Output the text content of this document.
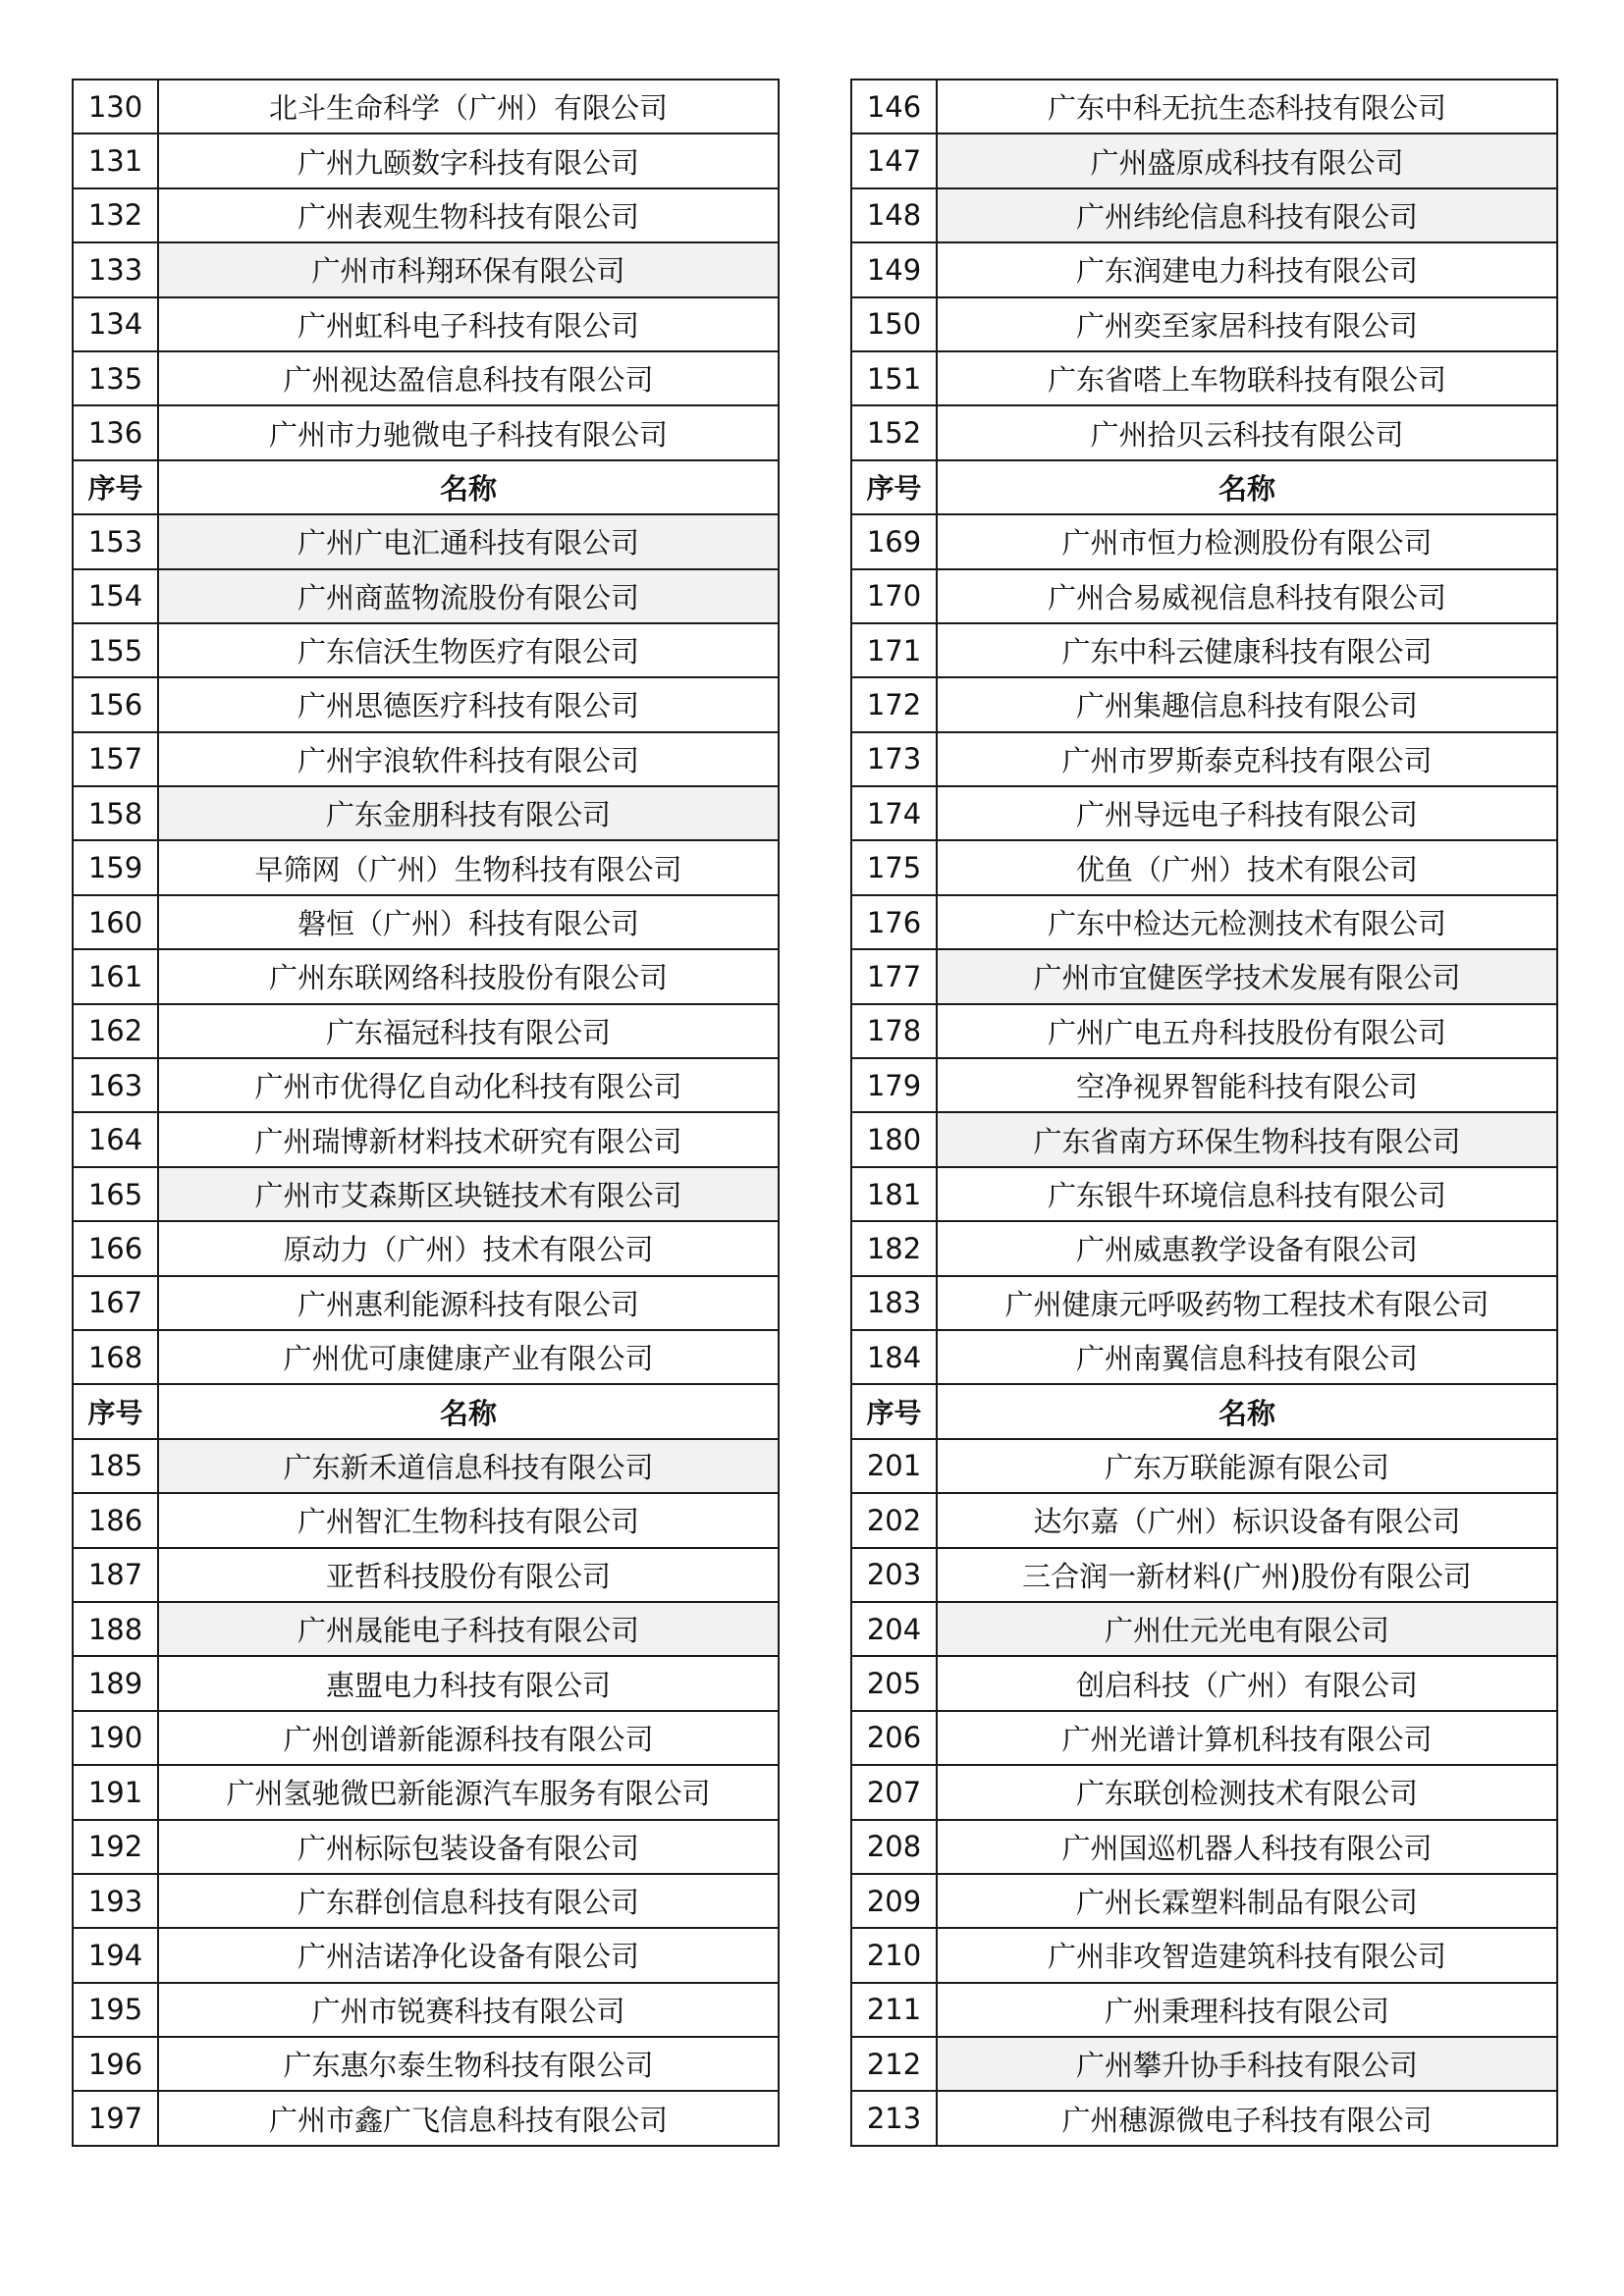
130	北斗生命科学（广州）有限公司
131	广州九颐数字科技有限公司
132	广州表观生物科技有限公司
133	广州市科翔环保有限公司
134	广州虹科电子科技有限公司
135	广州视达盈信息科技有限公司
136	广州市力驰微电子科技有限公司
序号	名称
153	广州广电汇通科技有限公司
154	广州商蓝物流股份有限公司
155	广东信沃生物医疗有限公司
156	广州思德医疗科技有限公司
157	广州宇浪软件科技有限公司
158	广东金朋科技有限公司
159	早筛网（广州）生物科技有限公司
160	磐恒（广州）科技有限公司
161	广州东联网络科技股份有限公司
162	广东福冠科技有限公司
163	广州市优得亿自动化科技有限公司
164	广州瑞博新材料技术研究有限公司
165	广州市艾森斯区块链技术有限公司
166	原动力（广州）技术有限公司
167	广州惠利能源科技有限公司
168	广州优可康健康产业有限公司
序号	名称
185	广东新禾道信息科技有限公司
186	广州智汇生物科技有限公司
187	亚哲科技股份有限公司
188	广州晟能电子科技有限公司
189	惠盟电力科技有限公司
190	广州创谱新能源科技有限公司
191	广州氢驰微巴新能源汽车服务有限公司
192	广州标际包装设备有限公司
193	广东群创信息科技有限公司
194	广州洁诺净化设备有限公司
195	广州市锐赛科技有限公司
196	广东惠尔泰生物科技有限公司
197	广州市鑫广飞信息科技有限公司
146	广东中科无抗生态科技有限公司
147	广州盛原成科技有限公司
148	广州纬纶信息科技有限公司
149	广东润建电力科技有限公司
150	广州奕至家居科技有限公司
151	广东省嗒上车物联科技有限公司
152	广州拾贝云科技有限公司
序号	名称
169	广州市恒力检测股份有限公司
170	广州合易威视信息科技有限公司
171	广东中科云健康科技有限公司
172	广州集趣信息科技有限公司
173	广州市罗斯泰克科技有限公司
174	广州导远电子科技有限公司
175	优鱼（广州）技术有限公司
176	广东中检达元检测技术有限公司
177	广州市宜健医学技术发展有限公司
178	广州广电五舟科技股份有限公司
179	空净视界智能科技有限公司
180	广东省南方环保生物科技有限公司
181	广东银牛环境信息科技有限公司
182	广州威惠教学设备有限公司
183	广州健康元呼吸药物工程技术有限公司
184	广州南翼信息科技有限公司
序号	名称
201	广东万联能源有限公司
202	达尔嘉（广州）标识设备有限公司
203	三合润一新材料(广州)股份有限公司
204	广州仕元光电有限公司
205	创启科技（广州）有限公司
206	广州光谱计算机科技有限公司
207	广东联创检测技术有限公司
208	广州国巡机器人科技有限公司
209	广州长霖塑料制品有限公司
210	广州非攻智造建筑科技有限公司
211	广州秉理科技有限公司
212	广州攀升协手科技有限公司
213	广州穗源微电子科技有限公司
